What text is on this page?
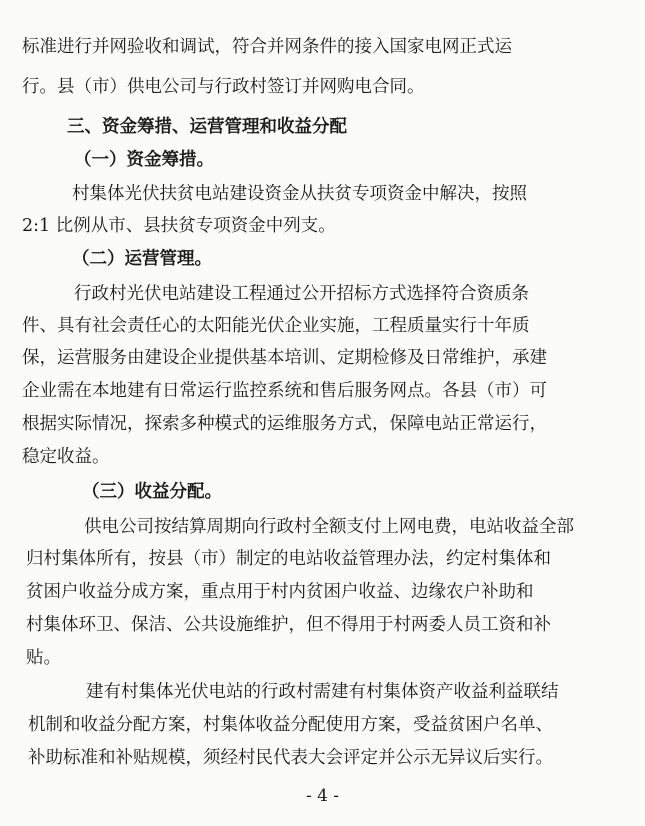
标准进行并网验收和调试，符合并网条件的接入国家电网正式运
行。县（市）供电公司与行政村签订并网购电合同。
三、资金筹措、运营管理和收益分配
（一）资金筹措。
村集体光伏扶贫电站建设资金从扶贫专项资金中解决，按照
2:1 比例从市、县扶贫专项资金中列支。
（二）运营管理。
行政村光伏电站建设工程通过公开招标方式选择符合资质条
件、具有社会责任心的太阳能光伏企业实施，工程质量实行十年质
保，运营服务由建设企业提供基本培训、定期检修及日常维护，承建
企业需在本地建有日常运行监控系统和售后服务网点。各县（市）可
根据实际情况，探索多种模式的运维服务方式，保障电站正常运行，
稳定收益。
（三）收益分配。
供电公司按结算周期向行政村全额支付上网电费，电站收益全部
归村集体所有，按县（市）制定的电站收益管理办法，约定村集体和
贫困户收益分成方案，重点用于村内贫困户收益、边缘农户补助和
村集体环卫、保洁、公共设施维护，但不得用于村两委人员工资和补
贴。
建有村集体光伏电站的行政村需建有村集体资产收益利益联结
机制和收益分配方案，村集体收益分配使用方案，受益贫困户名单、
补助标准和补贴规模，须经村民代表大会评定并公示无异议后实行。
- 4 -
